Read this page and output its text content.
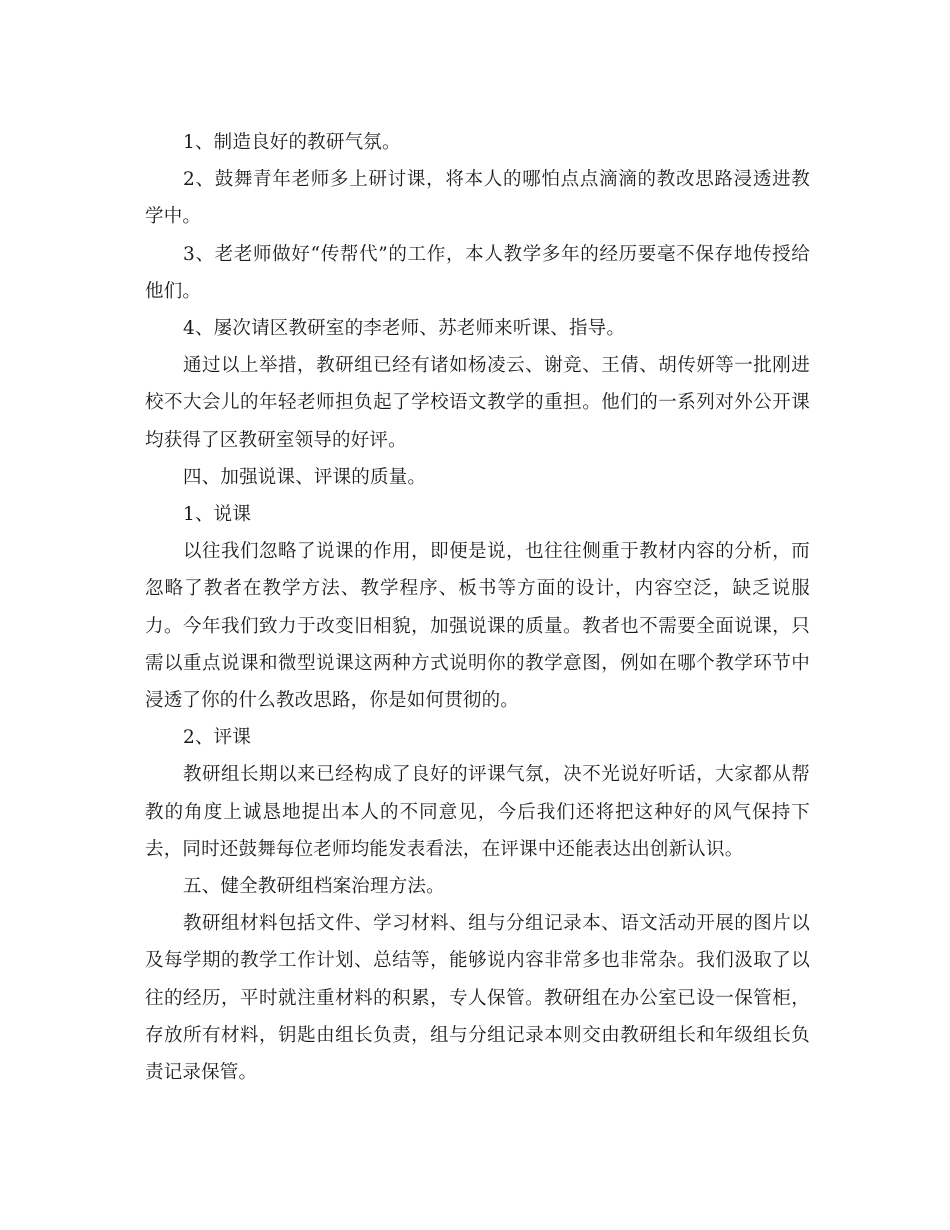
1、制造良好的教研气氛。

2、鼓舞青年老师多上研讨课，将本人的哪怕点点滴滴的教改思路浸透进教学中。

3、老老师做好“传帮代”的工作，本人教学多年的经历要毫不保存地传授给他们。

4、屡次请区教研室的李老师、苏老师来听课、指导。

通过以上举措，教研组已经有诸如杨凌云、谢竞、王倩、胡传妍等一批刚进校不大会儿的年轻老师担负起了学校语文教学的重担。他们的一系列对外公开课均获得了区教研室领导的好评。

四、加强说课、评课的质量。

1、说课

以往我们忽略了说课的作用，即便是说，也往往侧重于教材内容的分析，而忽略了教者在教学方法、教学程序、板书等方面的设计，内容空泛，缺乏说服力。今年我们致力于改变旧相貌，加强说课的质量。教者也不需要全面说课，只需以重点说课和微型说课这两种方式说明你的教学意图，例如在哪个教学环节中浸透了你的什么教改思路，你是如何贯彻的。

2、评课

教研组长期以来已经构成了良好的评课气氛，决不光说好听话，大家都从帮教的角度上诚恳地提出本人的不同意见，今后我们还将把这种好的风气保持下去，同时还鼓舞每位老师均能发表看法，在评课中还能表达出创新认识。

五、健全教研组档案治理方法。

教研组材料包括文件、学习材料、组与分组记录本、语文活动开展的图片以及每学期的教学工作计划、总结等，能够说内容非常多也非常杂。我们汲取了以往的经历，平时就注重材料的积累，专人保管。教研组在办公室已设一保管柜，存放所有材料，钥匙由组长负责，组与分组记录本则交由教研组长和年级组长负责记录保管。
